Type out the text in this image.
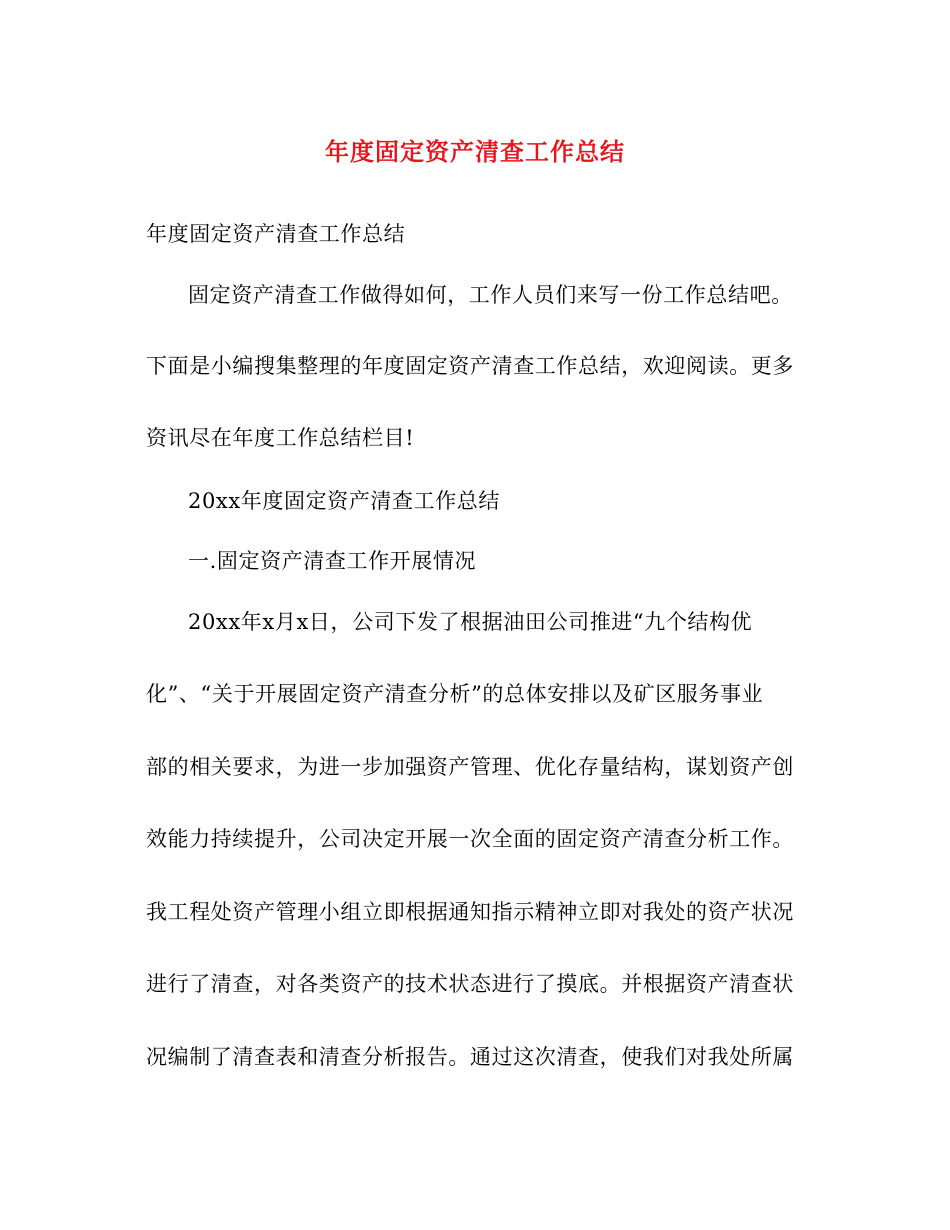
年度固定资产清查工作总结
年度固定资产清查工作总结
固定资产清查工作做得如何，工作人员们来写一份工作总结吧。
下面是小编搜集整理的年度固定资产清查工作总结，欢迎阅读。更多
资讯尽在年度工作总结栏目!
20xx年度固定资产清查工作总结
一.固定资产清查工作开展情况
20xx年x月x日，公司下发了根据油田公司推进“九个结构优
化”、“关于开展固定资产清查分析”的总体安排以及矿区服务事业
部的相关要求，为进一步加强资产管理、优化存量结构，谋划资产创
效能力持续提升，公司决定开展一次全面的固定资产清查分析工作。
我工程处资产管理小组立即根据通知指示精神立即对我处的资产状况
进行了清查，对各类资产的技术状态进行了摸底。并根据资产清查状
况编制了清查表和清查分析报告。通过这次清查，使我们对我处所属
